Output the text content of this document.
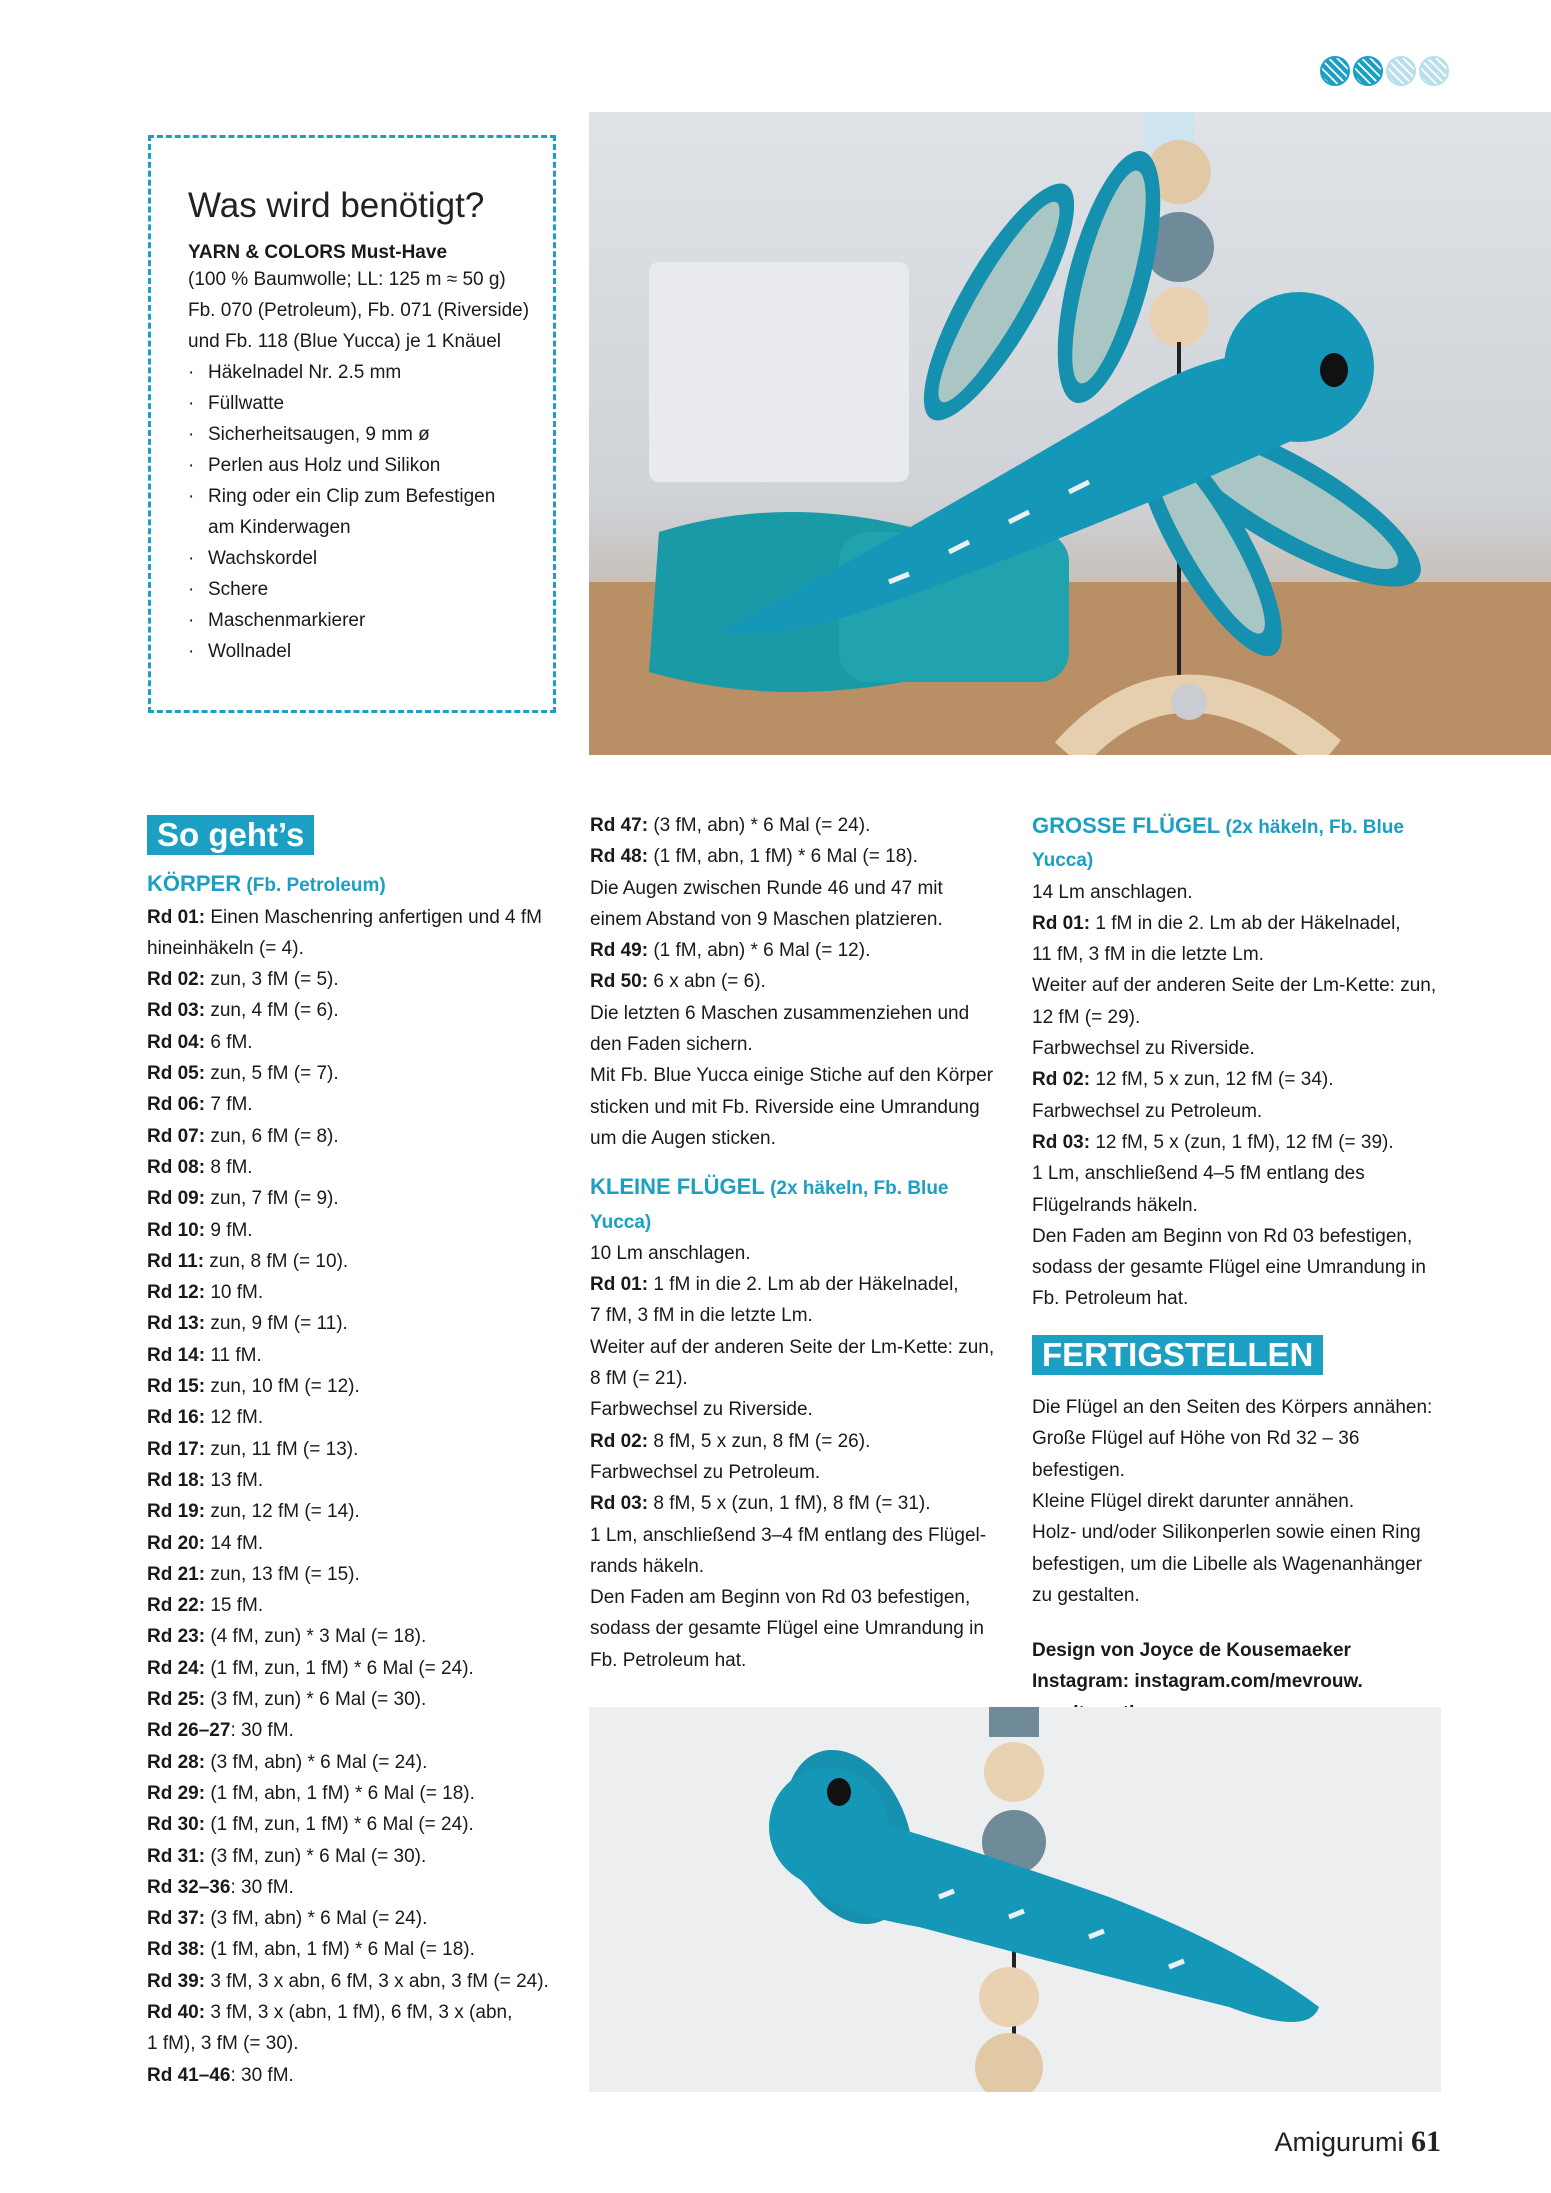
Was wird benötigt?
YARN & COLORS Must-Have
(100 % Baumwolle; LL: 125 m ≈ 50 g)
Fb. 070 (Petroleum), Fb. 071 (Riverside)
und Fb. 118 (Blue Yucca) je 1 Knäuel
· Häkelnadel Nr. 2.5 mm
· Füllwatte
· Sicherheitsaugen, 9 mm ø
· Perlen aus Holz und Silikon
· Ring oder ein Clip zum Befestigen
am Kinderwagen
· Wachskordel
· Schere
· Maschenmarkierer
· Wollnadel
So geht’s

KÖRPER (Fb. Petroleum)

Rd 01: Einen Maschenring anfertigen und 4 fM

hineinhäkeln (= 4).

Rd 02: zun, 3 fM (= 5).

Rd 03: zun, 4 fM (= 6).

Rd 04: 6 fM.

Rd 05: zun, 5 fM (= 7).

Rd 06: 7 fM.

Rd 07: zun, 6 fM (= 8).

Rd 08: 8 fM.

Rd 09: zun, 7 fM (= 9).

Rd 10: 9 fM.

Rd 11: zun, 8 fM (= 10).

Rd 12: 10 fM.

Rd 13: zun, 9 fM (= 11).

Rd 14: 11 fM.

Rd 15: zun, 10 fM (= 12).

Rd 16: 12 fM.

Rd 17: zun, 11 fM (= 13).

Rd 18: 13 fM.

Rd 19: zun, 12 fM (= 14).

Rd 20: 14 fM.

Rd 21: zun, 13 fM (= 15).

Rd 22: 15 fM.

Rd 23: (4 fM, zun) * 3 Mal (= 18).

Rd 24: (1 fM, zun, 1 fM) * 6 Mal (= 24).

Rd 25: (3 fM, zun) * 6 Mal (= 30).

Rd 26–27: 30 fM.

Rd 28: (3 fM, abn) * 6 Mal (= 24).

Rd 29: (1 fM, abn, 1 fM) * 6 Mal (= 18).

Rd 30: (1 fM, zun, 1 fM) * 6 Mal (= 24).

Rd 31: (3 fM, zun) * 6 Mal (= 30).

Rd 32–36: 30 fM.

Rd 37: (3 fM, abn) * 6 Mal (= 24).

Rd 38: (1 fM, abn, 1 fM) * 6 Mal (= 18).

Rd 39: 3 fM, 3 x abn, 6 fM, 3 x abn, 3 fM (= 24).

Rd 40: 3 fM, 3 x (abn, 1 fM), 6 fM, 3 x (abn,

1 fM), 3 fM (= 30).

Rd 41–46: 30 fM.

Rd 47: (3 fM, abn) * 6 Mal (= 24).

Rd 48: (1 fM, abn, 1 fM) * 6 Mal (= 18).

Die Augen zwischen Runde 46 und 47 mit

einem Abstand von 9 Maschen platzieren.

Rd 49: (1 fM, abn) * 6 Mal (= 12).

Rd 50: 6 x abn (= 6).

Die letzten 6 Maschen zusammenziehen und

den Faden sichern.

Mit Fb. Blue Yucca einige Stiche auf den Körper

sticken und mit Fb. Riverside eine Umrandung

um die Augen sticken.

KLEINE FLÜGEL (2x häkeln, Fb. Blue Yucca)

10 Lm anschlagen.

Rd 01: 1 fM in die 2. Lm ab der Häkelnadel,

7 fM, 3 fM in die letzte Lm.

Weiter auf der anderen Seite der Lm-Kette: zun,

8 fM (= 21).

Farbwechsel zu Riverside.

Rd 02: 8 fM, 5 x zun, 8 fM (= 26).

Farbwechsel zu Petroleum.

Rd 03: 8 fM, 5 x (zun, 1 fM), 8 fM (= 31).

1 Lm, anschließend 3–4 fM entlang des Flügel-

rands häkeln.

Den Faden am Beginn von Rd 03 befestigen,

sodass der gesamte Flügel eine Umrandung in

Fb. Petroleum hat.

GROSSE FLÜGEL (2x häkeln, Fb. Blue Yucca)

14 Lm anschlagen.

Rd 01: 1 fM in die 2. Lm ab der Häkelnadel,

11 fM, 3 fM in die letzte Lm.

Weiter auf der anderen Seite der Lm-Kette: zun,

12 fM (= 29).

Farbwechsel zu Riverside.

Rd 02: 12 fM, 5 x zun, 12 fM (= 34).

Farbwechsel zu Petroleum.

Rd 03: 12 fM, 5 x (zun, 1 fM), 12 fM (= 39).

1 Lm, anschließend 4–5 fM entlang des

Flügelrands häkeln.

Den Faden am Beginn von Rd 03 befestigen,

sodass der gesamte Flügel eine Umrandung in

Fb. Petroleum hat.

FERTIGSTELLEN

Die Flügel an den Seiten des Körpers annähen:

Große Flügel auf Höhe von Rd 32 – 36 befestigen.

Kleine Flügel direkt darunter annähen.

Holz- und/oder Silikonperlen sowie einen Ring

befestigen, um die Libelle als Wagenanhänger

zu gestalten.

Design von Joyce de Kousemaeker

Instagram: instagram.com/mevrouw.

Amigurumi 61
